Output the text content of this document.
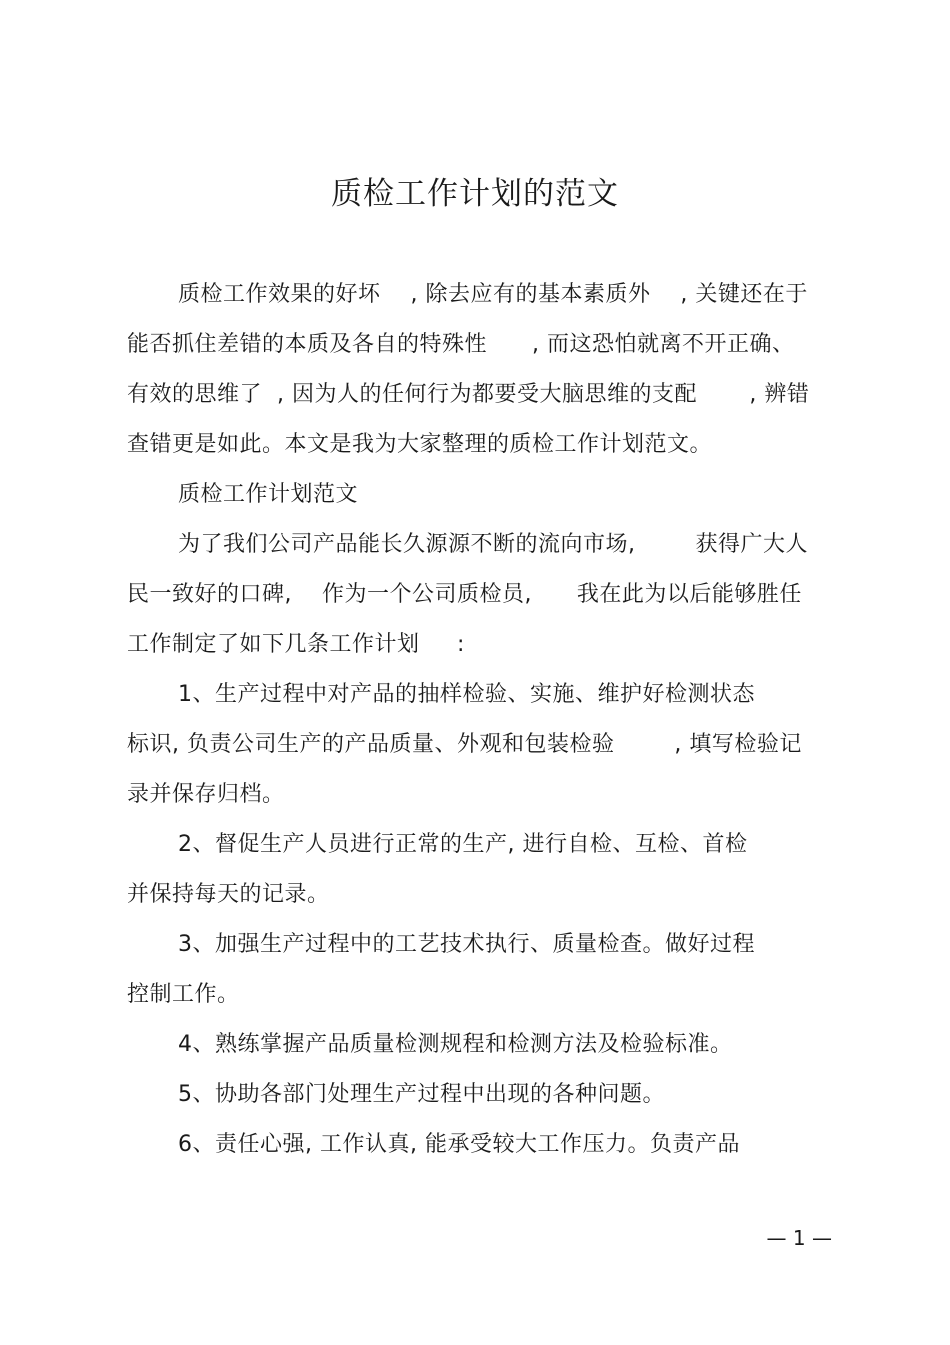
质检工作计划的范文
质检工作效果的好坏    , 除去应有的基本素质外    , 关键还在于
能否抓住差错的本质及各自的特殊性      , 而这恐怕就离不开正确、
有效的思维了  , 因为人的任何行为都要受大脑思维的支配       , 辨错
查错更是如此。本文是我为大家整理的质检工作计划范文。
质检工作计划范文
为了我们公司产品能长久源源不断的流向市场,        获得广大人
民一致好的口碑,    作为一个公司质检员,      我在此为以后能够胜任
工作制定了如下几条工作计划     :
1、生产过程中对产品的抽样检验、实施、维护好检测状态
标识, 负责公司生产的产品质量、外观和包装检验        , 填写检验记
录并保存归档。
2、督促生产人员进行正常的生产, 进行自检、互检、首检
并保持每天的记录。
3、加强生产过程中的工艺技术执行、质量检查。做好过程
控制工作。
4、熟练掌握产品质量检测规程和检测方法及检验标准。
5、协助各部门处理生产过程中出现的各种问题。
6、责任心强, 工作认真, 能承受较大工作压力。负责产品
— 1 —
